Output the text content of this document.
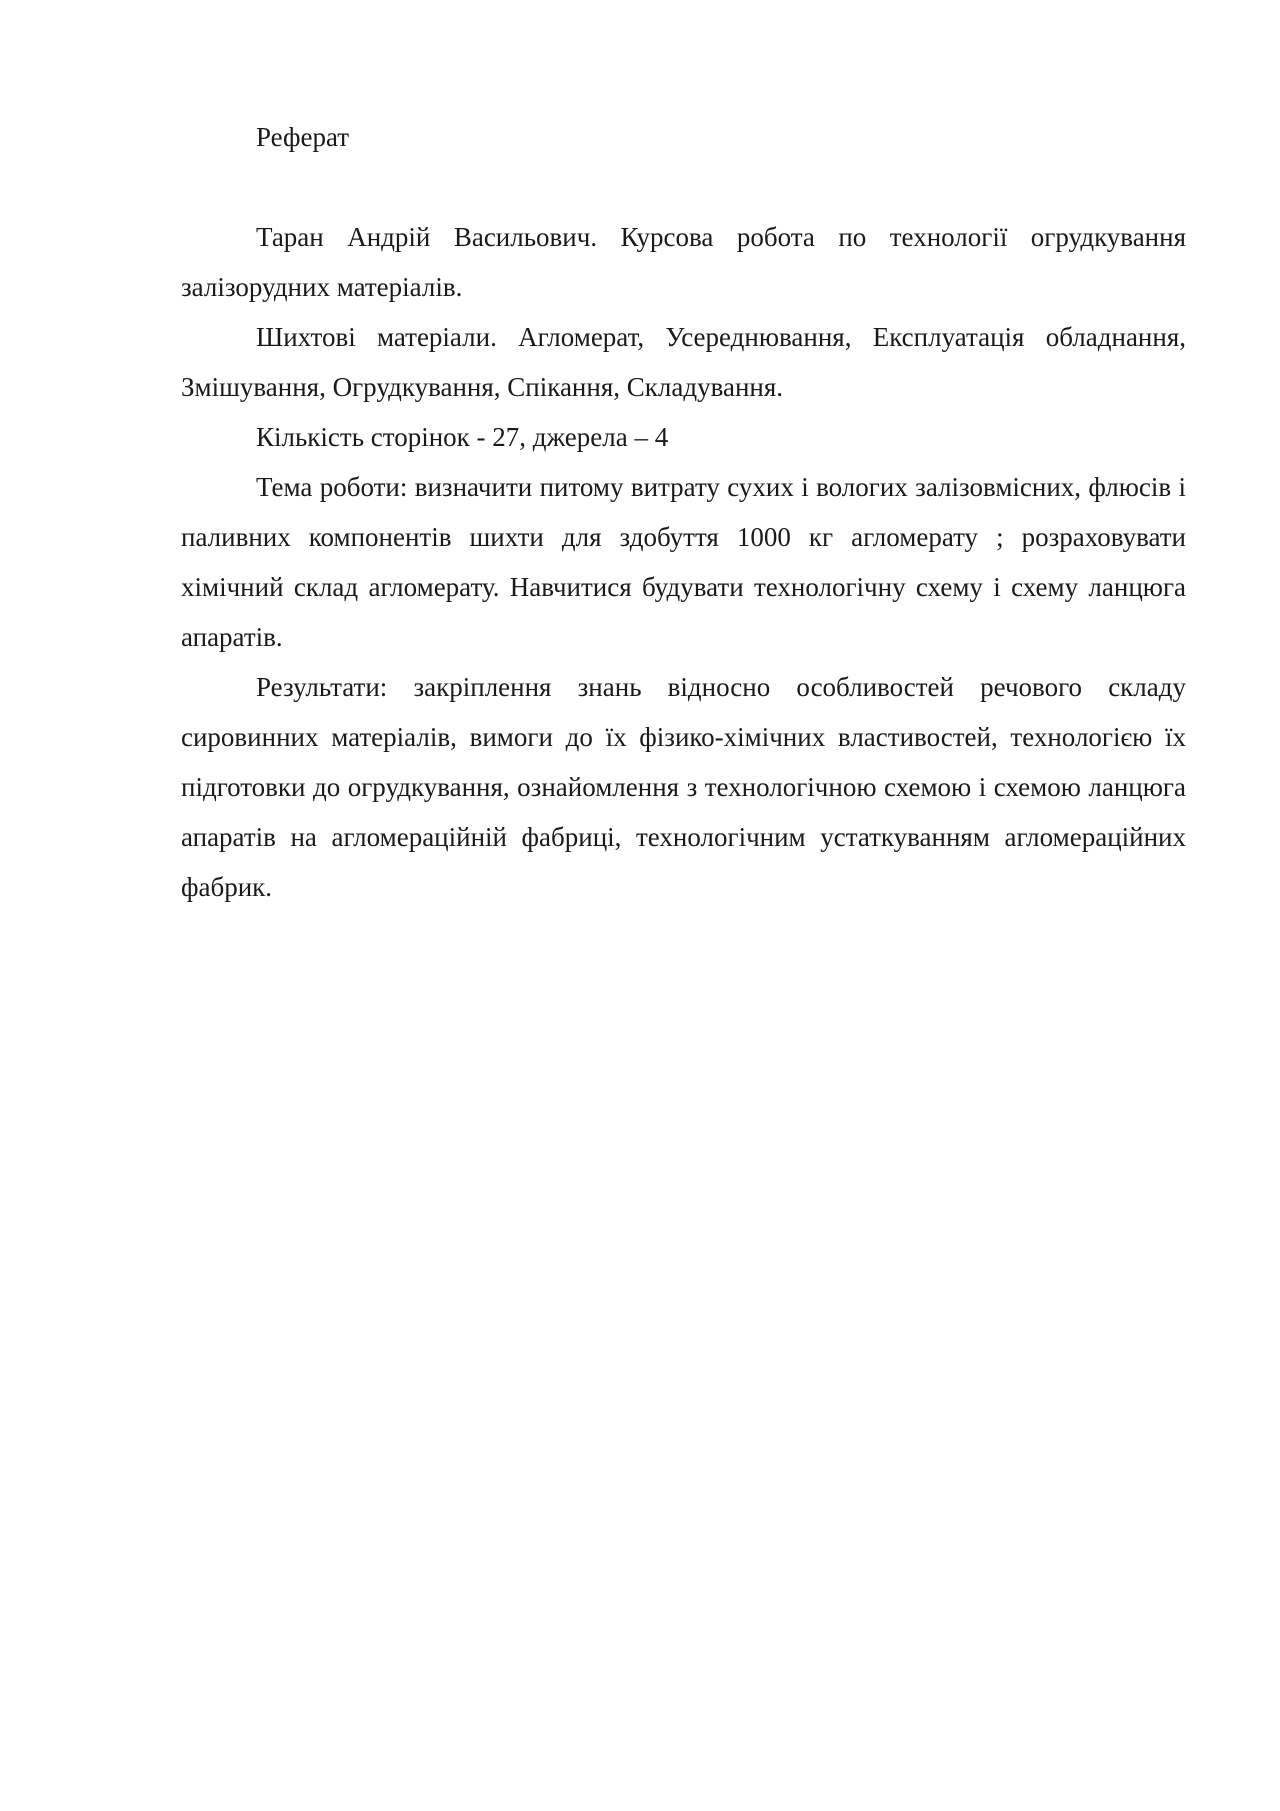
Реферат

Таран Андрій Васильович. Курсова робота по технології огрудкування залізорудних матеріалів.

Шихтові матеріали. Агломерат, Усереднювання, Експлуатація обладнання, Змішування, Огрудкування, Спікання, Складування.

Кількість сторінок - 27, джерела – 4

Тема роботи: визначити питому витрату сухих і вологих залізовмісних, флюсів і паливних компонентів шихти для здобуття 1000 кг агломерату ; розраховувати хімічний склад агломерату. Навчитися будувати технологічну схему і схему ланцюга апаратів.

Результати: закріплення знань відносно особливостей речового складу сировинних матеріалів, вимоги до їх фізико-хімічних властивостей, технологією їх підготовки до огрудкування, ознайомлення з технологічною схемою і схемою ланцюга апаратів на агломераційній фабриці, технологічним устаткуванням агломераційних фабрик.
